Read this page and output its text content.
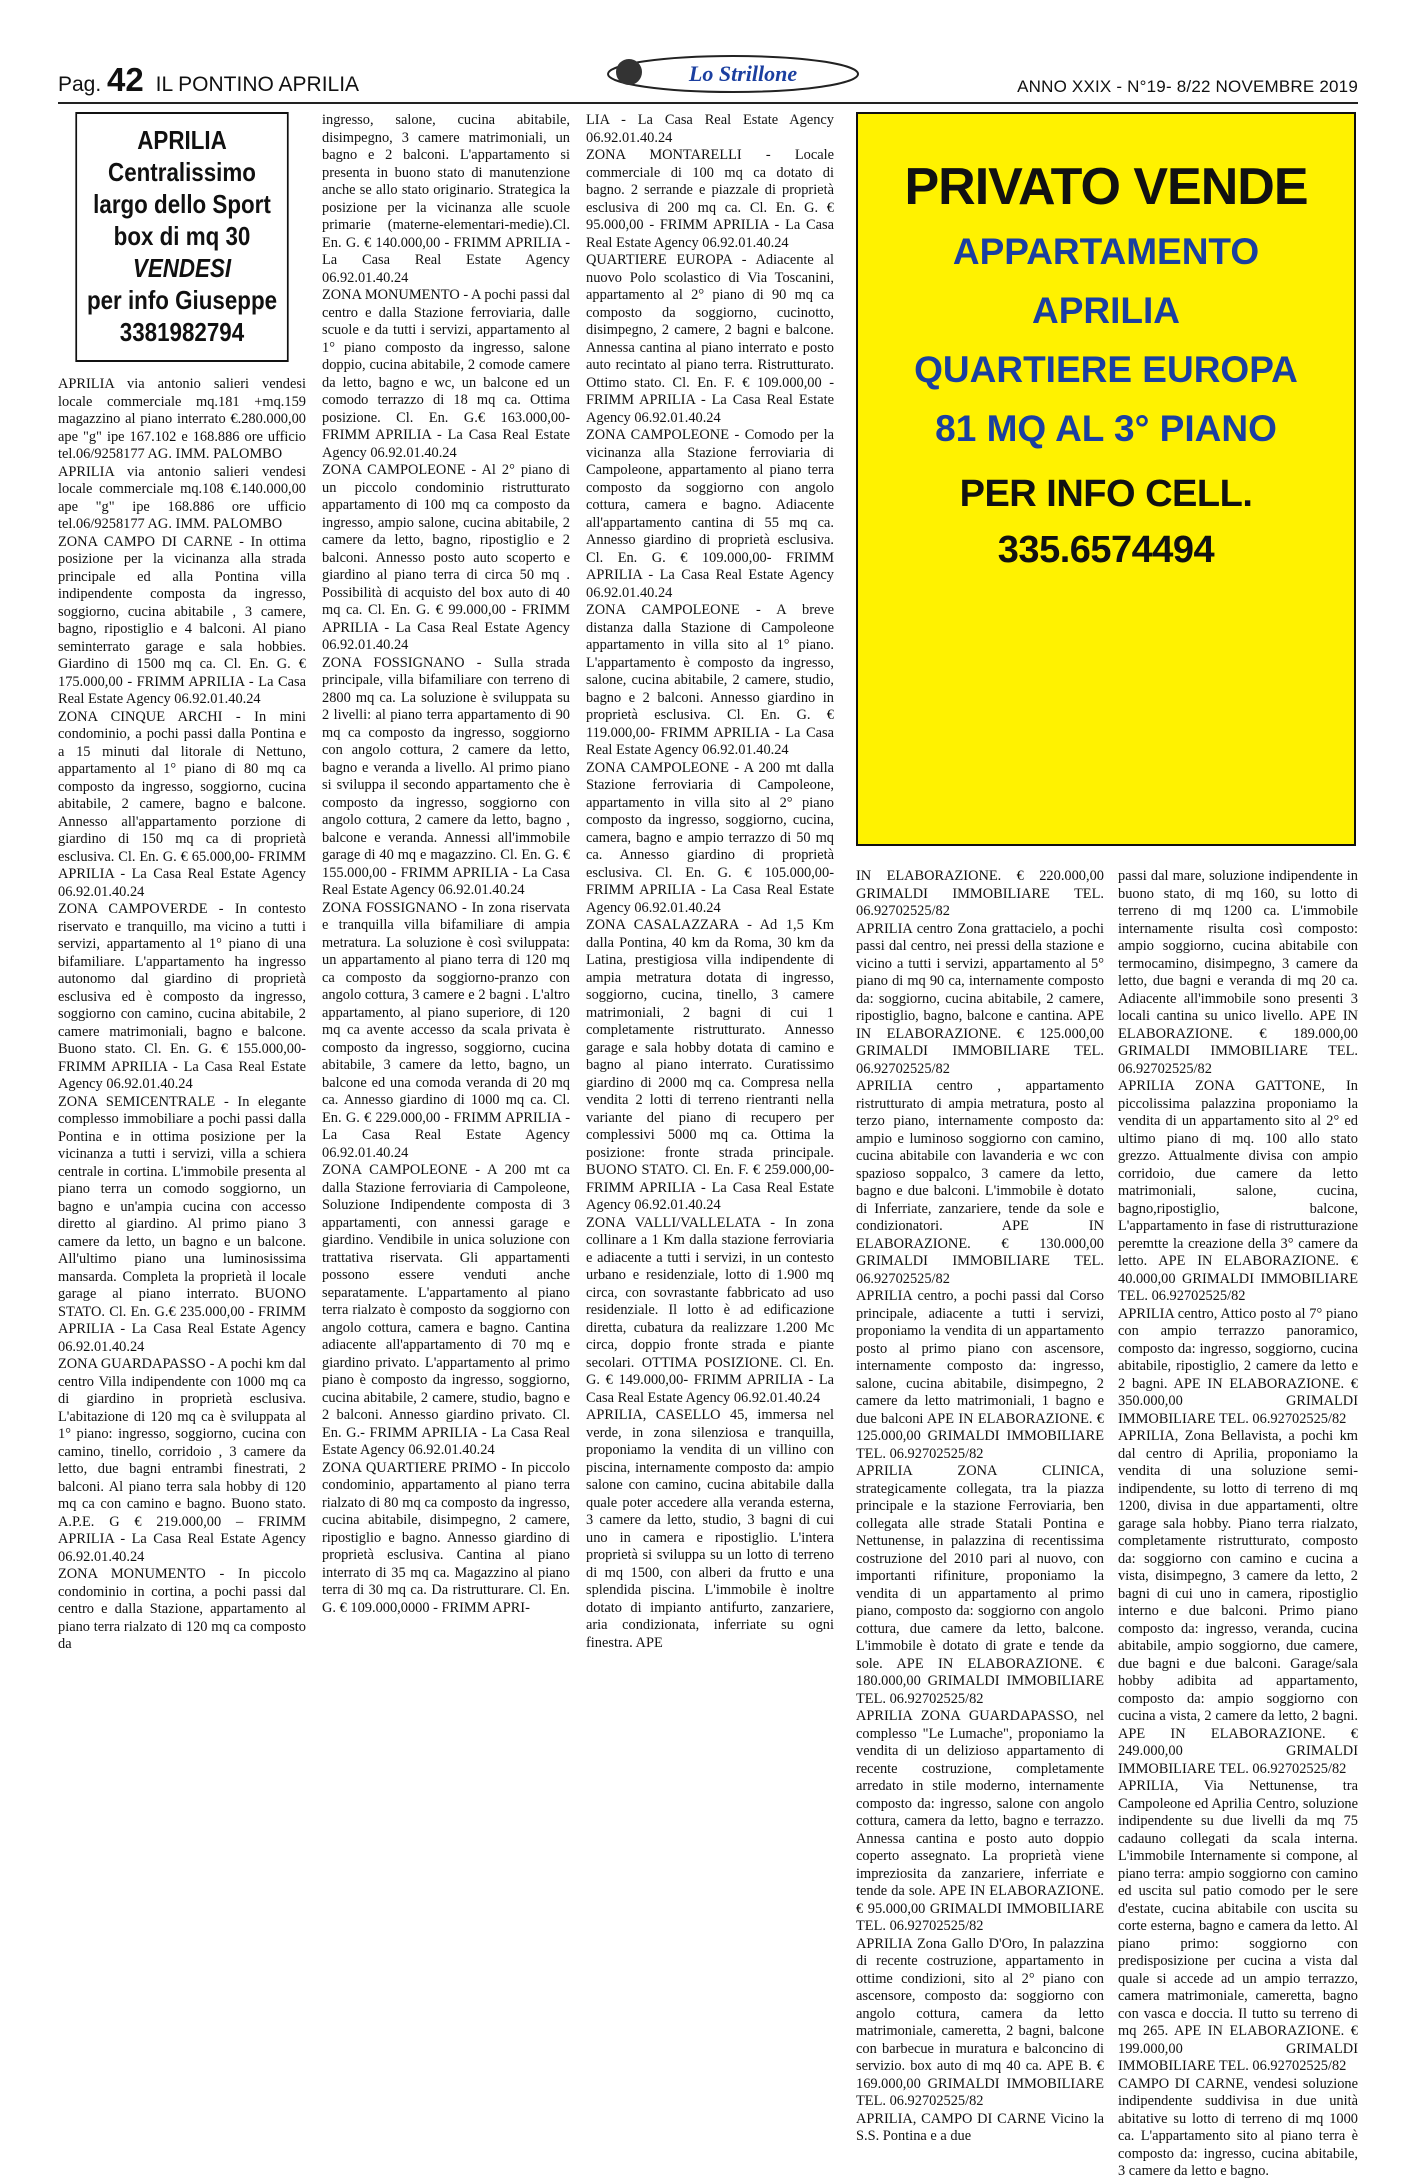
Pag. 42 IL PONTINO APRILIA	Lo Strillone
ANNO XXIX - N°19- 8/22 NOVEMBRE 2019
APRILIA
Centralissimo
largo dello Sport
box di mq 30
VENDESI
per info Giuseppe
3381982794

APRILIA via antonio salieri vendesi locale commerciale mq.181 +mq.159 magazzino al piano interrato €.280.000,00 ape "g" ipe 167.102 e 168.886 ore ufficio tel.06/9258177 AG. IMM. PALOMBO

APRILIA via antonio salieri vendesi locale commerciale mq.108 €.140.000,00 ape "g" ipe 168.886 ore ufficio tel.06/9258177 AG. IMM. PALOMBO

ZONA CAMPO DI CARNE - In ottima posizione per la vicinanza alla strada principale ed alla Pontina villa indipendente composta da ingresso, soggiorno, cucina abitabile , 3 camere, bagno, ripostiglio e 4 balconi. Al piano seminterrato garage e sala hobbies. Giardino di 1500 mq ca. Cl. En. G. € 175.000,00 - FRIMM APRILIA - La Casa Real Estate Agency 06.92.01.40.24

ZONA CINQUE ARCHI - In mini condominio, a pochi passi dalla Pontina e a 15 minuti dal litorale di Nettuno, appartamento al 1° piano di 80 mq ca composto da ingresso, soggiorno, cucina abitabile, 2 camere, bagno e balcone. Annesso all'appartamento porzione di giardino di 150 mq ca di proprietà esclusiva. Cl. En. G. € 65.000,00- FRIMM APRILIA - La Casa Real Estate Agency 06.92.01.40.24

ZONA CAMPOVERDE - In contesto riservato e tranquillo, ma vicino a tutti i servizi, appartamento al 1° piano di una bifamiliare. L'appartamento ha ingresso autonomo dal giardino di proprietà esclusiva ed è composto da ingresso, soggiorno con camino, cucina abitabile, 2 camere matrimoniali, bagno e balcone. Buono stato. Cl. En. G. € 155.000,00- FRIMM APRILIA - La Casa Real Estate Agency 06.92.01.40.24

ZONA SEMICENTRALE - In elegante complesso immobiliare a pochi passi dalla Pontina e in ottima posizione per la vicinanza a tutti i servizi, villa a schiera centrale in cortina. L'immobile presenta al piano terra un comodo soggiorno, un bagno e un'ampia cucina con accesso diretto al giardino. Al primo piano 3 camere da letto, un bagno e un balcone. All'ultimo piano una luminosissima mansarda. Completa la proprietà il locale garage al piano interrato. BUONO STATO. Cl. En. G.€ 235.000,00 - FRIMM APRILIA - La Casa Real Estate Agency 06.92.01.40.24

ZONA GUARDAPASSO - A pochi km dal centro Villa indipendente con 1000 mq ca di giardino in proprietà esclusiva. L'abitazione di 120 mq ca è sviluppata al 1° piano: ingresso, soggiorno, cucina con camino, tinello, corridoio , 3 camere da letto, due bagni entrambi finestrati, 2 balconi. Al piano terra sala hobby di 120 mq ca con camino e bagno. Buono stato. A.P.E. G € 219.000,00 – FRIMM APRILIA - La Casa Real Estate Agency 06.92.01.40.24

ZONA MONUMENTO - In piccolo condominio in cortina, a pochi passi dal centro e dalla Stazione, appartamento al piano terra rialzato di 120 mq ca composto da

ingresso, salone, cucina abitabile, disimpegno, 3 camere matrimoniali, un bagno e 2 balconi. L'appartamento si presenta in buono stato di manutenzione anche se allo stato originario. Strategica la posizione per la vicinanza alle scuole primarie (materne-elementari-medie).Cl. En. G. € 140.000,00 - FRIMM APRILIA - La Casa Real Estate Agency 06.92.01.40.24

ZONA MONUMENTO - A pochi passi dal centro e dalla Stazione ferroviaria, dalle scuole e da tutti i servizi, appartamento al 1° piano composto da ingresso, salone doppio, cucina abitabile, 2 comode camere da letto, bagno e wc, un balcone ed un comodo terrazzo di 18 mq ca. Ottima posizione. Cl. En. G.€ 163.000,00- FRIMM APRILIA - La Casa Real Estate Agency 06.92.01.40.24

ZONA CAMPOLEONE - Al 2° piano di un piccolo condominio ristrutturato appartamento di 100 mq ca composto da ingresso, ampio salone, cucina abitabile, 2 camere da letto, bagno, ripostiglio e 2 balconi. Annesso posto auto scoperto e giardino al piano terra di circa 50 mq . Possibilità di acquisto del box auto di 40 mq ca. Cl. En. G. € 99.000,00 - FRIMM APRILIA - La Casa Real Estate Agency 06.92.01.40.24

ZONA FOSSIGNANO - Sulla strada principale, villa bifamiliare con terreno di 2800 mq ca. La soluzione è sviluppata su 2 livelli: al piano terra appartamento di 90 mq ca composto da ingresso, soggiorno con angolo cottura, 2 camere da letto, bagno e veranda a livello. Al primo piano si sviluppa il secondo appartamento che è composto da ingresso, soggiorno con angolo cottura, 2 camere da letto, bagno , balcone e veranda. Annessi all'immobile garage di 40 mq e magazzino. Cl. En. G. € 155.000,00 - FRIMM APRILIA - La Casa Real Estate Agency 06.92.01.40.24

ZONA FOSSIGNANO - In zona riservata e tranquilla villa bifamiliare di ampia metratura. La soluzione è così sviluppata: un appartamento al piano terra di 120 mq ca composto da soggiorno-pranzo con angolo cottura, 3 camere e 2 bagni . L'altro appartamento, al piano superiore, di 120 mq ca avente accesso da scala privata è composto da ingresso, soggiorno, cucina abitabile, 3 camere da letto, bagno, un balcone ed una comoda veranda di 20 mq ca. Annesso giardino di 1000 mq ca. Cl. En. G. € 229.000,00 - FRIMM APRILIA - La Casa Real Estate Agency 06.92.01.40.24

ZONA CAMPOLEONE - A 200 mt ca dalla Stazione ferroviaria di Campoleone, Soluzione Indipendente composta di 3 appartamenti, con annessi garage e giardino. Vendibile in unica soluzione con trattativa riservata. Gli appartamenti possono essere venduti anche separatamente. L'appartamento al piano terra rialzato è composto da soggiorno con angolo cottura, camera e bagno. Cantina adiacente all'appartamento di 70 mq e giardino privato. L'appartamento al primo piano è composto da ingresso, soggiorno, cucina abitabile, 2 camere, studio, bagno e 2 balconi. Annesso giardino privato. Cl. En. G.- FRIMM APRILIA - La Casa Real Estate Agency 06.92.01.40.24

ZONA QUARTIERE PRIMO - In piccolo condominio, appartamento al piano terra rialzato di 80 mq ca composto da ingresso, cucina abitabile, disimpegno, 2 camere, ripostiglio e bagno. Annesso giardino di proprietà esclusiva. Cantina al piano interrato di 35 mq ca. Magazzino al piano terra di 30 mq ca. Da ristrutturare. Cl. En. G. € 109.000,0000 - FRIMM APRI-

LIA - La Casa Real Estate Agency 06.92.01.40.24

ZONA MONTARELLI - Locale commerciale di 100 mq ca dotato di bagno. 2 serrande e piazzale di proprietà esclusiva di 200 mq ca. Cl. En. G. € 95.000,00 - FRIMM APRILIA - La Casa Real Estate Agency 06.92.01.40.24

QUARTIERE EUROPA - Adiacente al nuovo Polo scolastico di Via Toscanini, appartamento al 2° piano di 90 mq ca composto da soggiorno, cucinotto, disimpegno, 2 camere, 2 bagni e balcone. Annessa cantina al piano interrato e posto auto recintato al piano terra. Ristrutturato. Ottimo stato. Cl. En. F. € 109.000,00 - FRIMM APRILIA - La Casa Real Estate Agency 06.92.01.40.24

ZONA CAMPOLEONE - Comodo per la vicinanza alla Stazione ferroviaria di Campoleone, appartamento al piano terra composto da soggiorno con angolo cottura, camera e bagno. Adiacente all'appartamento cantina di 55 mq ca. Annesso giardino di proprietà esclusiva. Cl. En. G. € 109.000,00- FRIMM APRILIA - La Casa Real Estate Agency 06.92.01.40.24

ZONA CAMPOLEONE - A breve distanza dalla Stazione di Campoleone appartamento in villa sito al 1° piano. L'appartamento è composto da ingresso, salone, cucina abitabile, 2 camere, studio, bagno e 2 balconi. Annesso giardino in proprietà esclusiva. Cl. En. G. € 119.000,00- FRIMM APRILIA - La Casa Real Estate Agency 06.92.01.40.24

ZONA CAMPOLEONE - A 200 mt dalla Stazione ferroviaria di Campoleone, appartamento in villa sito al 2° piano composto da ingresso, soggiorno, cucina, camera, bagno e ampio terrazzo di 50 mq ca. Annesso giardino di proprietà esclusiva. Cl. En. G. € 105.000,00- FRIMM APRILIA - La Casa Real Estate Agency 06.92.01.40.24

ZONA CASALAZZARA - Ad 1,5 Km dalla Pontina, 40 km da Roma, 30 km da Latina, prestigiosa villa indipendente di ampia metratura dotata di ingresso, soggiorno, cucina, tinello, 3 camere matrimoniali, 2 bagni di cui 1 completamente ristrutturato. Annesso garage e sala hobby dotata di camino e bagno al piano interrato. Curatissimo giardino di 2000 mq ca. Compresa nella vendita 2 lotti di terreno rientranti nella variante del piano di recupero per complessivi 5000 mq ca. Ottima la posizione: fronte strada principale. BUONO STATO. Cl. En. F. € 259.000,00- FRIMM APRILIA - La Casa Real Estate Agency 06.92.01.40.24

ZONA VALLI/VALLELATA - In zona collinare a 1 Km dalla stazione ferroviaria e adiacente a tutti i servizi, in un contesto urbano e residenziale, lotto di 1.900 mq circa, con sovrastante fabbricato ad uso residenziale. Il lotto è ad edificazione diretta, cubatura da realizzare 1.200 Mc circa, doppio fronte strada e piante secolari. OTTIMA POSIZIONE. Cl. En. G. € 149.000,00- FRIMM APRILIA - La Casa Real Estate Agency 06.92.01.40.24

APRILIA, CASELLO 45, immersa nel verde, in zona silenziosa e tranquilla, proponiamo la vendita di un villino con piscina, internamente composto da: ampio salone con camino, cucina abitabile dalla quale poter accedere alla veranda esterna, 3 camere da letto, studio, 3 bagni di cui uno in camera e ripostiglio. L'intera proprietà si sviluppa su un lotto di terreno di mq 1500, con alberi da frutto e una splendida piscina. L'immobile è inoltre dotato di impianto antifurto, zanzariere, aria condizionata, inferriate su ogni finestra. APE

PRIVATO VENDE
APPARTAMENTO
APRILIA
QUARTIERE EUROPA
81 MQ AL 3° PIANO
PER INFO CELL. 335.6574494

IN ELABORAZIONE. € 220.000,00 GRIMALDI IMMOBILIARE TEL. 06.92702525/82

APRILIA centro Zona grattacielo, a pochi passi dal centro, nei pressi della stazione e vicino a tutti i servizi, appartamento al 5° piano di mq 90 ca, internamente composto da: soggiorno, cucina abitabile, 2 camere, ripostiglio, bagno, balcone e cantina. APE IN ELABORAZIONE. € 125.000,00 GRIMALDI IMMOBILIARE TEL. 06.92702525/82

APRILIA centro , appartamento ristrutturato di ampia metratura, posto al terzo piano, internamente composto da: ampio e luminoso soggiorno con camino, cucina abitabile con lavanderia e wc con spazioso soppalco, 3 camere da letto, bagno e due balconi. L'immobile è dotato di Inferriate, zanzariere, tende da sole e condizionatori. APE IN ELABORAZIONE. € 130.000,00 GRIMALDI IMMOBILIARE TEL. 06.92702525/82

APRILIA centro, a pochi passi dal Corso principale, adiacente a tutti i servizi, proponiamo la vendita di un appartamento posto al primo piano con ascensore, internamente composto da: ingresso, salone, cucina abitabile, disimpegno, 2 camere da letto matrimoniali, 1 bagno e due balconi APE IN ELABORAZIONE. € 125.000,00 GRIMALDI IMMOBILIARE TEL. 06.92702525/82

APRILIA ZONA CLINICA, strategicamente collegata, tra la piazza principale e la stazione Ferroviaria, ben collegata alle strade Statali Pontina e Nettunense, in palazzina di recentissima costruzione del 2010 pari al nuovo, con importanti rifiniture, proponiamo la vendita di un appartamento al primo piano, composto da: soggiorno con angolo cottura, due camere da letto, balcone. L'immobile è dotato di grate e tende da sole. APE IN ELABORAZIONE. € 180.000,00 GRIMALDI IMMOBILIARE TEL. 06.92702525/82

APRILIA ZONA GUARDAPASSO, nel complesso "Le Lumache", proponiamo la vendita di un delizioso appartamento di recente costruzione, completamente arredato in stile moderno, internamente composto da: ingresso, salone con angolo cottura, camera da letto, bagno e terrazzo. Annessa cantina e posto auto doppio coperto assegnato. La proprietà viene impreziosita da zanzariere, inferriate e tende da sole. APE IN ELABORAZIONE. € 95.000,00 GRIMALDI IMMOBILIARE TEL. 06.92702525/82

APRILIA Zona Gallo D'Oro, In palazzina di recente costruzione, appartamento in ottime condizioni, sito al 2° piano con ascensore, composto da: soggiorno con angolo cottura, camera da letto matrimoniale, cameretta, 2 bagni, balcone con barbecue in muratura e balconcino di servizio. box auto di mq 40 ca. APE B. € 169.000,00 GRIMALDI IMMOBILIARE TEL. 06.92702525/82

APRILIA, CAMPO DI CARNE Vicino la S.S. Pontina e a due

passi dal mare, soluzione indipendente in buono stato, di mq 160, su lotto di terreno di mq 1200 ca. L'immobile internamente risulta così composto: ampio soggiorno, cucina abitabile con termocamino, disimpegno, 3 camere da letto, due bagni e veranda di mq 20 ca. Adiacente all'immobile sono presenti 3 locali cantina su unico livello. APE IN ELABORAZIONE. € 189.000,00 GRIMALDI IMMOBILIARE TEL. 06.92702525/82

APRILIA ZONA GATTONE, In piccolissima palazzina proponiamo la vendita di un appartamento sito al 2° ed ultimo piano di mq. 100 allo stato grezzo. Attualmente divisa con ampio corridoio, due camere da letto matrimoniali, salone, cucina, bagno,ripostiglio, balcone, L'appartamento in fase di ristrutturazione peremtte la creazione della 3° camere da letto. APE IN ELABORAZIONE. € 40.000,00 GRIMALDI IMMOBILIARE TEL. 06.92702525/82

APRILIA centro, Attico posto al 7° piano con ampio terrazzo panoramico, composto da: ingresso, soggiorno, cucina abitabile, ripostiglio, 2 camere da letto e 2 bagni. APE IN ELABORAZIONE. € 350.000,00 GRIMALDI IMMOBILIARE TEL. 06.92702525/82

APRILIA, Zona Bellavista, a pochi km dal centro di Aprilia, proponiamo la vendita di una soluzione semi-indipendente, su lotto di terreno di mq 1200, divisa in due appartamenti, oltre garage sala hobby. Piano terra rialzato, completamente ristrutturato, composto da: soggiorno con camino e cucina a vista, disimpegno, 3 camere da letto, 2 bagni di cui uno in camera, ripostiglio interno e due balconi. Primo piano composto da: ingresso, veranda, cucina abitabile, ampio soggiorno, due camere, due bagni e due balconi. Garage/sala hobby adibita ad appartamento, composto da: ampio soggiorno con cucina a vista, 2 camere da letto, 2 bagni. APE IN ELABORAZIONE. € 249.000,00 GRIMALDI IMMOBILIARE TEL. 06.92702525/82

APRILIA, Via Nettunense, tra Campoleone ed Aprilia Centro, soluzione indipendente su due livelli da mq 75 cadauno collegati da scala interna. L'immobile Internamente si compone, al piano terra: ampio soggiorno con camino ed uscita sul patio comodo per le sere d'estate, cucina abitabile con uscita su corte esterna, bagno e camera da letto. Al piano primo: soggiorno con predisposizione per cucina a vista dal quale si accede ad un ampio terrazzo, camera matrimoniale, cameretta, bagno con vasca e doccia. Il tutto su terreno di mq 265. APE IN ELABORAZIONE. € 199.000,00 GRIMALDI IMMOBILIARE TEL. 06.92702525/82

CAMPO DI CARNE, vendesi soluzione indipendente suddivisa in due unità abitative su lotto di terreno di mq 1000 ca. L'appartamento sito al piano terra è composto da: ingresso, cucina abitabile, 3 camere da letto e bagno.
